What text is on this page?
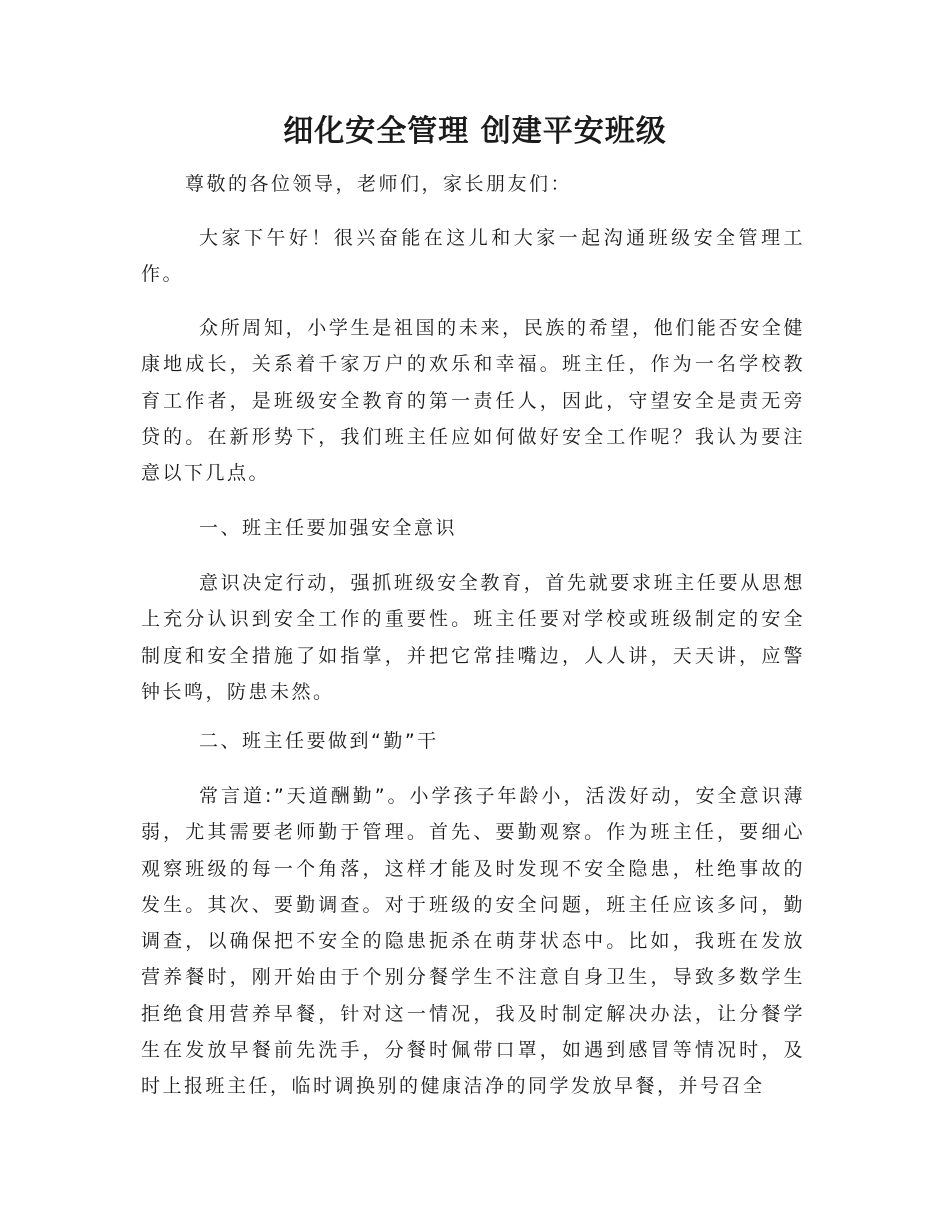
细化安全管理 创建平安班级

尊敬的各位领导，老师们，家长朋友们：

大家下午好！很兴奋能在这儿和大家一起沟通班级安全管理工作。

众所周知，小学生是祖国的未来，民族的希望，他们能否安全健康地成长，关系着千家万户的欢乐和幸福。班主任，作为一名学校教育工作者，是班级安全教育的第一责任人，因此，守望安全是责无旁贷的。在新形势下，我们班主任应如何做好安全工作呢？我认为要注意以下几点。

一、班主任要加强安全意识

意识决定行动，强抓班级安全教育，首先就要求班主任要从思想上充分认识到安全工作的重要性。班主任要对学校或班级制定的安全制度和安全措施了如指掌，并把它常挂嘴边，人人讲，天天讲，应警钟长鸣，防患未然。

二、班主任要做到“勤”干

常言道:”天道酬勤”。小学孩子年龄小，活泼好动，安全意识薄弱，尤其需要老师勤于管理。首先、要勤观察。作为班主任，要细心观察班级的每一个角落，这样才能及时发现不安全隐患，杜绝事故的发生。其次、要勤调查。对于班级的安全问题，班主任应该多问，勤调查，以确保把不安全的隐患扼杀在萌芽状态中。比如，我班在发放营养餐时，刚开始由于个别分餐学生不注意自身卫生，导致多数学生拒绝食用营养早餐，针对这一情况，我及时制定解决办法，让分餐学生在发放早餐前先洗手，分餐时佩带口罩，如遇到感冒等情况时，及时上报班主任，临时调换别的健康洁净的同学发放早餐，并号召全
